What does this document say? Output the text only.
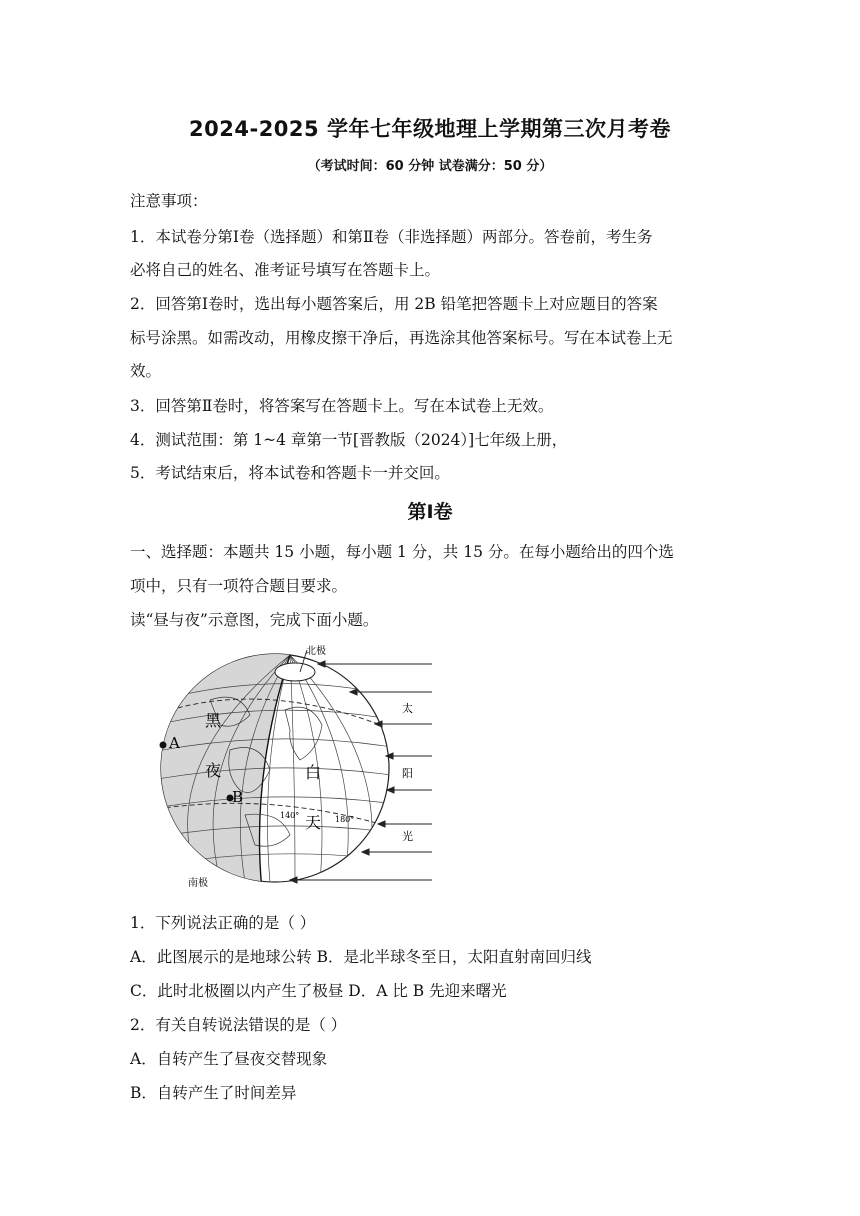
2024-2025 学年七年级地理上学期第三次月考卷
（考试时间：60 分钟 试卷满分：50 分）
注意事项：
1．本试卷分第Ⅰ卷（选择题）和第Ⅱ卷（非选择题）两部分。答卷前，考生务
必将自己的姓名、准考证号填写在答题卡上。
2．回答第Ⅰ卷时，选出每小题答案后，用 2B 铅笔把答题卡上对应题目的答案
标号涂黑。如需改动，用橡皮擦干净后，再选涂其他答案标号。写在本试卷上无
效。
3．回答第Ⅱ卷时，将答案写在答题卡上。写在本试卷上无效。
4．测试范围：第 1~4 章第一节[晋教版（2024）]七年级上册，
5．考试结束后，将本试卷和答题卡一并交回。
第Ⅰ卷
一、选择题：本题共 15 小题，每小题 1 分，共 15 分。在每小题给出的四个选
项中，只有一项符合题目要求。
读“昼与夜”示意图，完成下面小题。
北极
南极
A
B
黑
夜	白
天
140°	180°
太
阳
光
1．下列说法正确的是（ ）
A．此图展示的是地球公转 B．是北半球冬至日，太阳直射南回归线
C．此时北极圈以内产生了极昼 D．A 比 B 先迎来曙光
2．有关自转说法错误的是（ ）
A．自转产生了昼夜交替现象
B．自转产生了时间差异
